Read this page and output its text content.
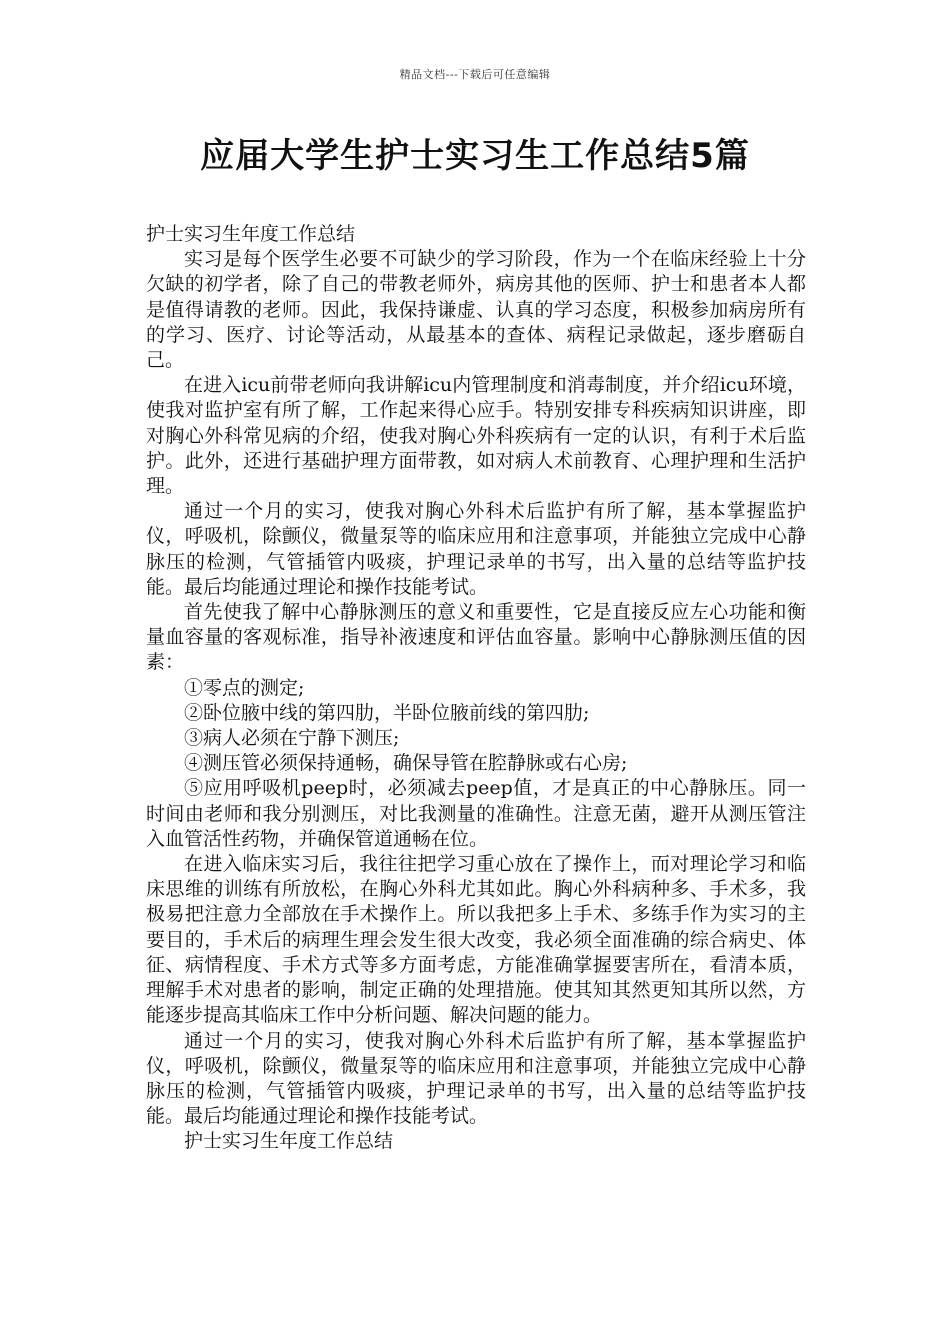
精品文档---下载后可任意编辑
应届大学生护士实习生工作总结5篇

护士实习生年度工作总结

实习是每个医学生必要不可缺少的学习阶段，作为一个在临床经验上十分欠缺的初学者，除了自己的带教老师外，病房其他的医师、护士和患者本人都是值得请教的老师。因此，我保持谦虚、认真的学习态度，积极参加病房所有的学习、医疗、讨论等活动，从最基本的查体、病程记录做起，逐步磨砺自己。

在进入icu前带老师向我讲解icu内管理制度和消毒制度，并介绍icu环境，使我对监护室有所了解，工作起来得心应手。特别安排专科疾病知识讲座，即对胸心外科常见病的介绍，使我对胸心外科疾病有一定的认识，有利于术后监护。此外，还进行基础护理方面带教，如对病人术前教育、心理护理和生活护理。

通过一个月的实习，使我对胸心外科术后监护有所了解，基本掌握监护仪，呼吸机，除颤仪，微量泵等的临床应用和注意事项，并能独立完成中心静脉压的检测，气管插管内吸痰，护理记录单的书写，出入量的总结等监护技能。最后均能通过理论和操作技能考试。

首先使我了解中心静脉测压的意义和重要性，它是直接反应左心功能和衡量血容量的客观标准，指导补液速度和评估血容量。影响中心静脉测压值的因素：

①零点的测定;

②卧位腋中线的第四肋，半卧位腋前线的第四肋;

③病人必须在宁静下测压;

④测压管必须保持通畅，确保导管在腔静脉或右心房;

⑤应用呼吸机peep时，必须减去peep值，才是真正的中心静脉压。同一时间由老师和我分别测压，对比我测量的准确性。注意无菌，避开从测压管注入血管活性药物，并确保管道通畅在位。

在进入临床实习后，我往往把学习重心放在了操作上，而对理论学习和临床思维的训练有所放松，在胸心外科尤其如此。胸心外科病种多、手术多，我极易把注意力全部放在手术操作上。所以我把多上手术、多练手作为实习的主要目的，手术后的病理生理会发生很大改变，我必须全面准确的综合病史、体征、病情程度、手术方式等多方面考虑，方能准确掌握要害所在，看清本质，理解手术对患者的影响，制定正确的处理措施。使其知其然更知其所以然，方能逐步提高其临床工作中分析问题、解决问题的能力。

通过一个月的实习，使我对胸心外科术后监护有所了解，基本掌握监护仪，呼吸机，除颤仪，微量泵等的临床应用和注意事项，并能独立完成中心静脉压的检测，气管插管内吸痰，护理记录单的书写，出入量的总结等监护技能。最后均能通过理论和操作技能考试。

护士实习生年度工作总结
